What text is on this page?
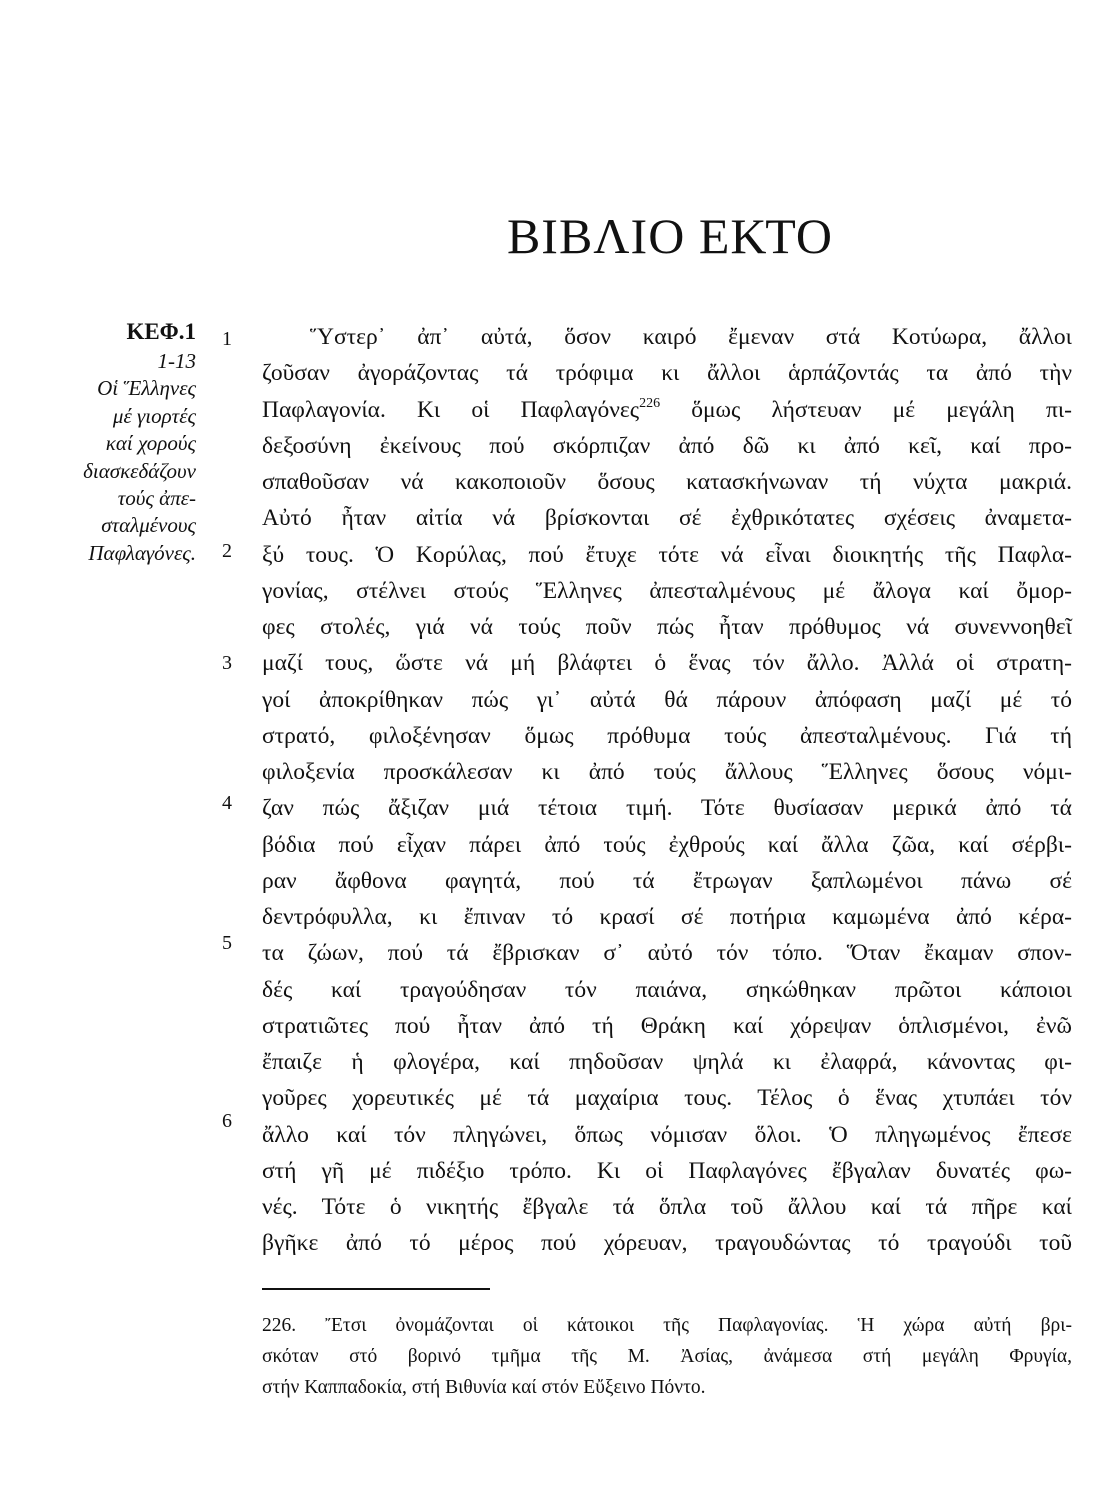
ΒΙΒΛΙΟ ΕΚΤΟ
ΚΕΦ.1
1-13
Οἱ Ἕλληνες
μέ γιορτές
καί χορούς
διασκεδάζουν
τούς ἀπε-
σταλμένους
Παφλαγόνες.
1
2
3
4
5
6
Ὕστερ᾽ ἀπ᾽ αὐτά, ὅσον καιρό ἔμεναν στά Κοτύωρα, ἄλλοι
ζοῦσαν ἀγοράζοντας τά τρόφιμα κι ἄλλοι ἁρπάζοντάς τα ἀπό τὴν
Παφλαγονία. Κι οἱ Παφλαγόνες$^{226}$ ὅμως λήστευαν μέ μεγάλη πι-
δεξοσύνη ἐκείνους πού σκόρπιζαν ἀπό δῶ κι ἀπό κεῖ, καί προ-
σπαθοῦσαν νά κακοποιοῦν ὅσους κατασκήνωναν τή νύχτα μακριά.
Αὐτό ἦταν αἰτία νά βρίσκονται σέ ἐχθρικότατες σχέσεις ἀναμετα-
ξύ τους. Ὁ Κορύλας, πού ἔτυχε τότε νά εἶναι διοικητής τῆς Παφλα-
γονίας, στέλνει στούς Ἕλληνες ἀπεσταλμένους μέ ἄλογα καί ὄμορ-
φες στολές, γιά νά τούς ποῦν πώς ἦταν πρόθυμος νά συνεννοηθεῖ
μαζί τους, ὥστε νά μή βλάφτει ὁ ἕνας τόν ἄλλο. Ἀλλά οἱ στρατη-
γοί ἀποκρίθηκαν πώς γι᾽ αὐτά θά πάρουν ἀπόφαση μαζί μέ τό
στρατό, φιλοξένησαν ὅμως πρόθυμα τούς ἀπεσταλμένους. Γιά τή
φιλοξενία προσκάλεσαν κι ἀπό τούς ἄλλους Ἕλληνες ὅσους νόμι-
ζαν πώς ἄξιζαν μιά τέτοια τιμή. Τότε θυσίασαν μερικά ἀπό τά
βόδια πού εἶχαν πάρει ἀπό τούς ἐχθρούς καί ἄλλα ζῶα, καί σέρβι-
ραν ἄφθονα φαγητά, πού τά ἔτρωγαν ξαπλωμένοι πάνω σέ
δεντρόφυλλα, κι ἔπιναν τό κρασί σέ ποτήρια καμωμένα ἀπό κέρα-
τα ζώων, πού τά ἔβρισκαν σ᾽ αὐτό τόν τόπο. Ὅταν ἔκαμαν σπον-
δές καί τραγούδησαν τόν παιάνα, σηκώθηκαν πρῶτοι κάποιοι
στρατιῶτες πού ἦταν ἀπό τή Θράκη καί χόρεψαν ὁπλισμένοι, ἐνῶ
ἔπαιζε ἡ φλογέρα, καί πηδοῦσαν ψηλά κι ἐλαφρά, κάνοντας φι-
γοῦρες χορευτικές μέ τά μαχαίρια τους. Τέλος ὁ ἕνας χτυπάει τόν
ἄλλο καί τόν πληγώνει, ὅπως νόμισαν ὅλοι. Ὁ πληγωμένος ἔπεσε
στή γῆ μέ πιδέξιο τρόπο. Κι οἱ Παφλαγόνες ἔβγαλαν δυνατές φω-
νές. Τότε ὁ νικητής ἔβγαλε τά ὅπλα τοῦ ἄλλου καί τά πῆρε καί
βγῆκε ἀπό τό μέρος πού χόρευαν, τραγουδώντας τό τραγούδι τοῦ
226. Ἔτσι ὀνομάζονται οἱ κάτοικοι τῆς Παφλαγονίας. Ἡ χώρα αὐτή βρι-
σκόταν στό βορινό τμῆμα τῆς Μ. Ἀσίας, ἀνάμεσα στή μεγάλη Φρυγία,
στήν Καππαδοκία, στή Βιθυνία καί στόν Εὔξεινο Πόντο.
